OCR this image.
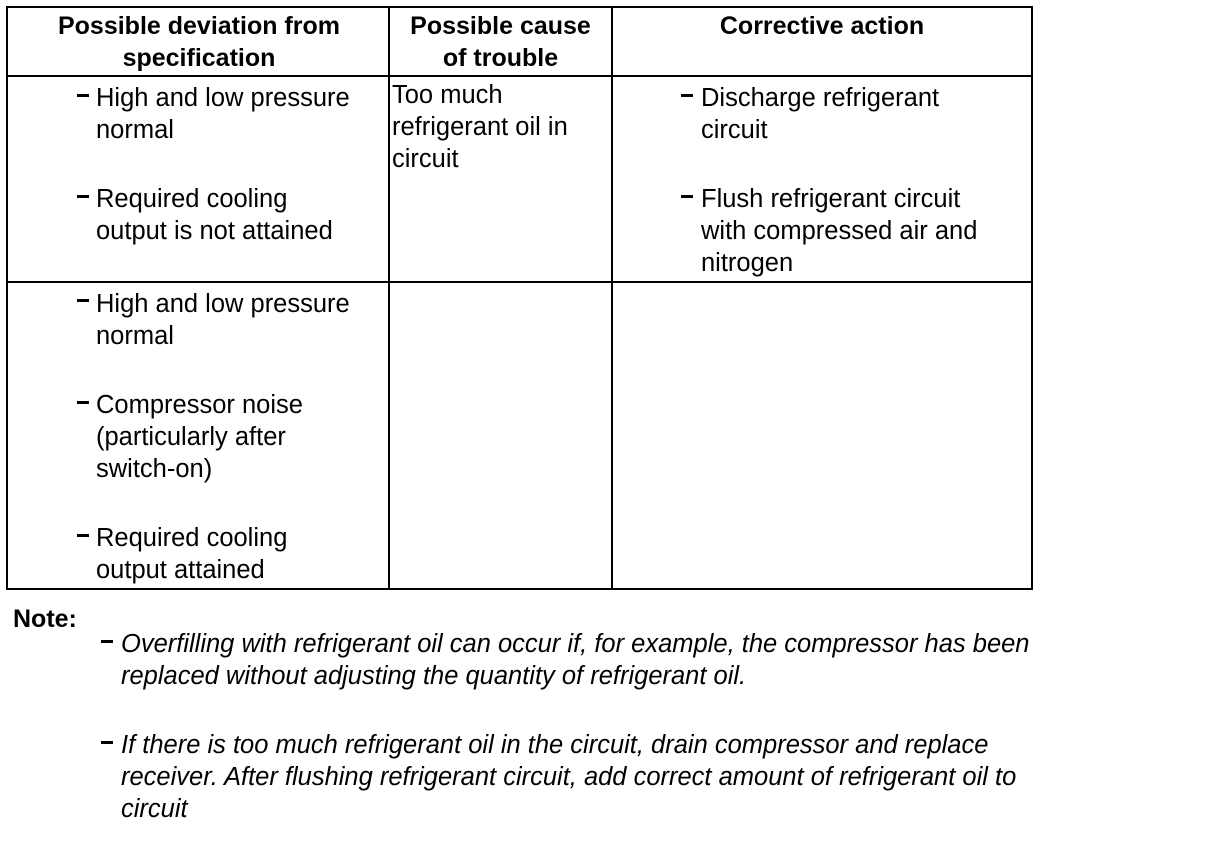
Possible deviation from
specification
Possible cause
of trouble
Corrective action
High and low pressure
normal
Required cooling
output is not attained
Too much
refrigerant oil in
circuit
Discharge refrigerant
circuit
Flush refrigerant circuit
with compressed air and
nitrogen
High and low pressure
normal
Compressor noise
(particularly after
switch-on)
Required cooling
output attained
Note:
Overfilling with refrigerant oil can occur if, for example, the compressor has been
replaced without adjusting the quantity of refrigerant oil.
If there is too much refrigerant oil in the circuit, drain compressor and replace
receiver. After flushing refrigerant circuit, add correct amount of refrigerant oil to
circuit
